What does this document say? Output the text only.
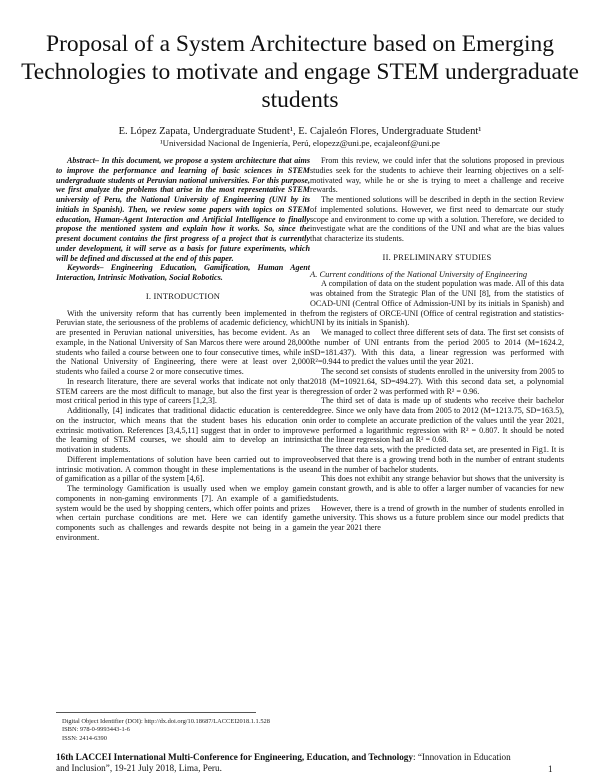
Proposal of a System Architecture based on Emerging Technologies to motivate and engage STEM undergraduate students
E. López Zapata, Undergraduate Student¹, E. Cajaleón Flores, Undergraduate Student¹
¹Universidad Nacional de Ingeniería, Perú, elopezz@uni.pe, ecajaleonf@uni.pe

Abstract– In this document, we propose a system architecture that aims to improve the performance and learning of basic sciences in STEM undergraduate students at Peruvian national universities. For this purpose, we first analyze the problems that arise in the most representative STEM university of Peru, the National University of Engineering (UNI by its initials in Spanish). Then, we review some papers with topics on STEM education, Human-Agent Interaction and Artificial Intelligence to finally propose the mentioned system and explain how it works. So, since the present document contains the first progress of a project that is currently under development, it will serve as a basis for future experiments, which will be defined and discussed at the end of this paper.

Keywords– Engineering Education, Gamification, Human Agent Interaction, Intrinsic Motivation, Social Robotics.

I. INTRODUCTION

With the university reform that has currently been implemented in the Peruvian state, the seriousness of the problems of academic deficiency, which are presented in Peruvian national universities, has become evident. As an example, in the National University of San Marcos there were around 28,000 students who failed a course between one to four consecutive times, while in the National University of Engineering, there were at least over 2,000 students who failed a course 2 or more consecutive times.

In research literature, there are several works that indicate not only that STEM careers are the most difficult to manage, but also the first year is the most critical period in this type of careers [1,2,3].

Additionally, [4] indicates that traditional didactic education is centered on the instructor, which means that the student bases his education on extrinsic motivation. References [3,4,5,11] suggest that in order to improve the learning of STEM courses, we should aim to develop an intrinsic motivation in students.

Different implementations of solution have been carried out to improve intrinsic motivation. A common thought in these implementations is the use of gamification as a pillar of the system [4,6].

The terminology Gamification is usually used when we employ game components in non-gaming environments [7]. An example of a gamified system would be the used by shopping centers, which offer points and prizes when certain purchase conditions are met. Here we can identify game components such as challenges and rewards despite not being in a game environment.

From this review, we could infer that the solutions proposed in previous studies seek for the students to achieve their learning objectives on a self-motivated way, while he or she is trying to meet a challenge and receive rewards.

The mentioned solutions will be described in depth in the section Review of implemented solutions. However, we first need to demarcate our study scope and environment to come up with a solution. Therefore, we decided to investigate what are the conditions of the UNI and what are the bias values that characterize its students.

II. PRELIMINARY STUDIES

A. Current conditions of the National University of Engineering

A compilation of data on the student population was made. All of this data was obtained from the Strategic Plan of the UNI [8], from the statistics of OCAD-UNI (Central Office of Admission-UNI by its initials in Spanish) and from the registers of ORCE-UNI (Office of central registration and statistics-UNI by its initials in Spanish).

We managed to collect three different sets of data. The first set consists of the number of UNI entrants from the period 2005 to 2014 (M=1624.2, SD=181.437). With this data, a linear regression was performed with R²=0.944 to predict the values until the year 2021.

The second set consists of students enrolled in the university from 2005 to 2018 (M=10921.64, SD=494.27). With this second data set, a polynomial regression of order 2 was performed with R² = 0.96.

The third set of data is made up of students who receive their bachelor degree. Since we only have data from 2005 to 2012 (M=1213.75, SD=163.5), in order to complete an accurate prediction of the values until the year 2021, we performed a logarithmic regression with R² = 0.807. It should be noted that the linear regression had an R² = 0.68.

The three data sets, with the predicted data set, are presented in Fig1. It is observed that there is a growing trend both in the number of entrant students and in the number of bachelor students.

This does not exhibit any strange behavior but shows that the university is in constant growth, and is able to offer a larger number of vacancies for new students.

However, there is a trend of growth in the number of students enrolled in the university. This shows us a future problem since our model predicts that in the year 2021 there

Digital Object Identifier (DOI): http://dx.doi.org/10.18687/LACCEI2018.1.1.528
ISBN: 978-0-9993443-1-6
ISSN: 2414-6390
16th LACCEI International Multi-Conference for Engineering, Education, and Technology: “Innovation in Education and Inclusion”, 19-21 July 2018, Lima, Peru.	1
